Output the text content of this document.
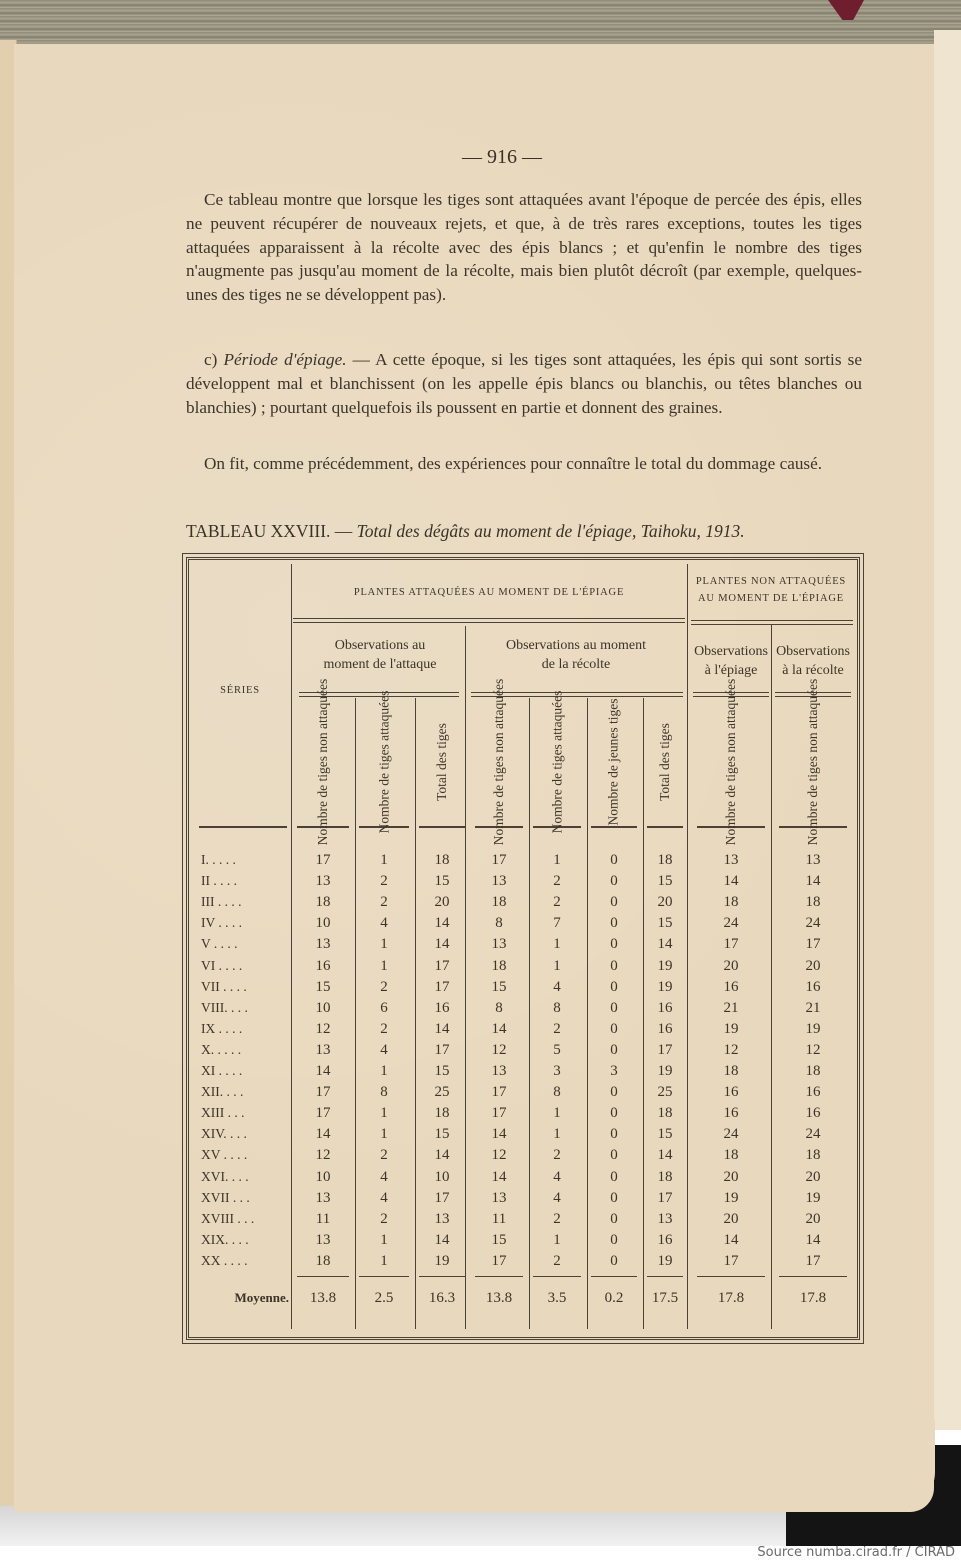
— 916 —
Ce tableau montre que lorsque les tiges sont attaquées avant l'époque de percée des épis, elles ne peuvent récupérer de nouveaux rejets, et que, à de très rares exceptions, toutes les tiges attaquées apparaissent à la récolte avec des épis blancs ; et qu'enfin le nombre des tiges n'augmente pas jusqu'au moment de la récolte, mais bien plutôt décroît (par exemple, quelques-unes des tiges ne se développent pas).
c) Période d'épiage. — A cette époque, si les tiges sont attaquées, les épis qui sont sortis se développent mal et blanchissent (on les appelle épis blancs ou blanchis, ou têtes blanches ou blanchies) ; pourtant quelquefois ils poussent en partie et donnent des graines.
On fit, comme précédemment, des expériences pour connaître le total du dommage causé.
TABLEAU XXVIII. — Total des dégâts au moment de l'épiage, Taihoku, 1913.
SÉRIES
PLANTES ATTAQUÉES AU MOMENT DE L'ÉPIAGE
PLANTES NON ATTAQUÉES AU MOMENT DE L'ÉPIAGE
Observations au moment de l'attaque
Observations au moment de la récolte
Observations à l'épiage
Observations à la récolte
Nombre de tiges non attaquées	Nombre de tiges attaquées	Total des tiges	Nombre de tiges non attaquées	Nombre de tiges attaquées	Nombre de jeunes tiges	Total des tiges	Nombre de tiges non attaquées	Nombre de tiges non attaquées
I. . . . .	17	1	18	17	1	0	18	13	13
II . . . .	13	2	15	13	2	0	15	14	14
III . . . .	18	2	20	18	2	0	20	18	18
IV . . . .	10	4	14	8	7	0	15	24	24
V . . . .	13	1	14	13	1	0	14	17	17
VI . . . .	16	1	17	18	1	0	19	20	20
VII . . . .	15	2	17	15	4	0	19	16	16
VIII. . . .	10	6	16	8	8	0	16	21	21
IX . . . .	12	2	14	14	2	0	16	19	19
X. . . . .	13	4	17	12	5	0	17	12	12
XI . . . .	14	1	15	13	3	3	19	18	18
XII. . . .	17	8	25	17	8	0	25	16	16
XIII . . .	17	1	18	17	1	0	18	16	16
XIV. . . .	14	1	15	14	1	0	15	24	24
XV . . . .	12	2	14	12	2	0	14	18	18
XVI. . . .	10	4	10	14	4	0	18	20	20
XVII . . .	13	4	17	13	4	0	17	19	19
XVIII . . .	11	2	13	11	2	0	13	20	20
XIX. . . .	13	1	14	15	1	0	16	14	14
XX . . . .	18	1	19	17	2	0	19	17	17
Moyenne.	13.8	2.5	16.3	13.8	3.5	0.2	17.5	17.8	17.8
Source numba.cirad.fr / CIRAD
